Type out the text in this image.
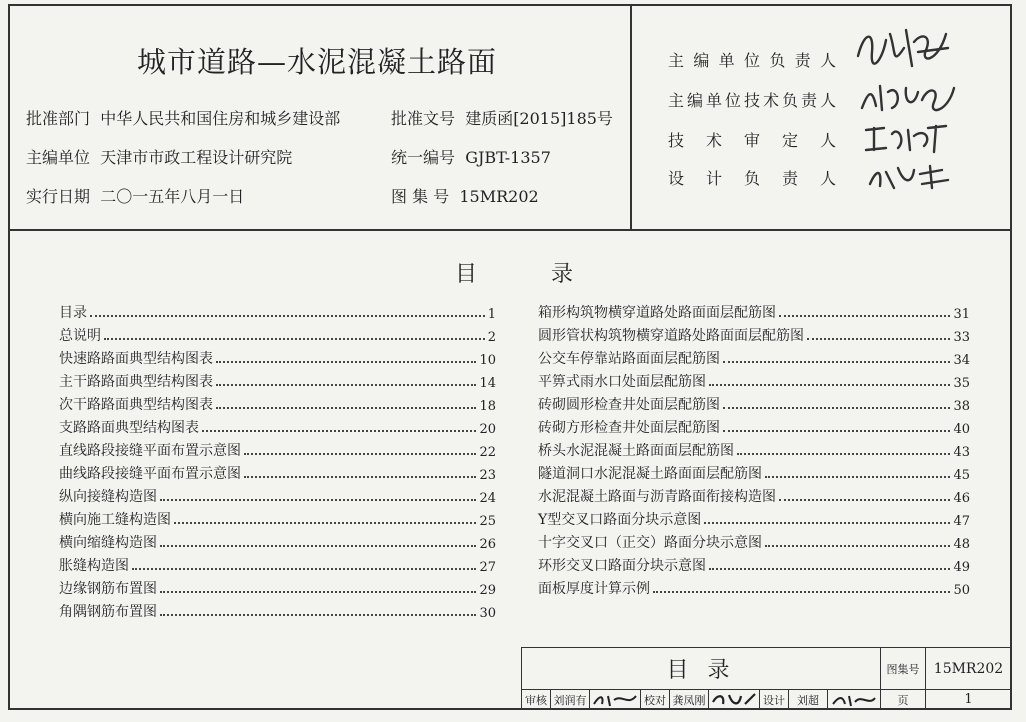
城市道路—水泥混凝土路面
批准部门 中华人民共和国住房和城乡建设部	批准文号 建质函[2015]185号
主编单位 天津市市政工程设计研究院	统一编号 GJBT-1357
实行日期 二〇一五年八月一日	图 集 号 15MR202
主编单位负责人
主编单位技术负责人
技术审定人
设计负责人
目	录
目录	1
总说明	2
快速路路面典型结构图表	10
主干路路面典型结构图表	14
次干路路面典型结构图表	18
支路路面典型结构图表	20
直线路段接缝平面布置示意图	22
曲线路段接缝平面布置示意图	23
纵向接缝构造图	24
横向施工缝构造图	25
横向缩缝构造图	26
胀缝构造图	27
边缘钢筋布置图	29
角隅钢筋布置图	30
箱形构筑物横穿道路处路面面层配筋图	31
圆形管状构筑物横穿道路处路面面层配筋图	33
公交车停靠站路面面层配筋图	34
平箅式雨水口处面层配筋图	35
砖砌圆形检查井处面层配筋图	38
砖砌方形检查井处面层配筋图	40
桥头水泥混凝土路面面层配筋图	43
隧道洞口水泥混凝土路面面层配筋图	45
水泥混凝土路面与沥青路面衔接构造图	46
Y型交叉口路面分块示意图	47
十字交叉口（正交）路面分块示意图	48
环形交叉口路面分块示意图	49
面板厚度计算示例	50
目 录	图集号	15MR202
审核 刘润有	校对 龚凤刚	设计	刘超	页	1
